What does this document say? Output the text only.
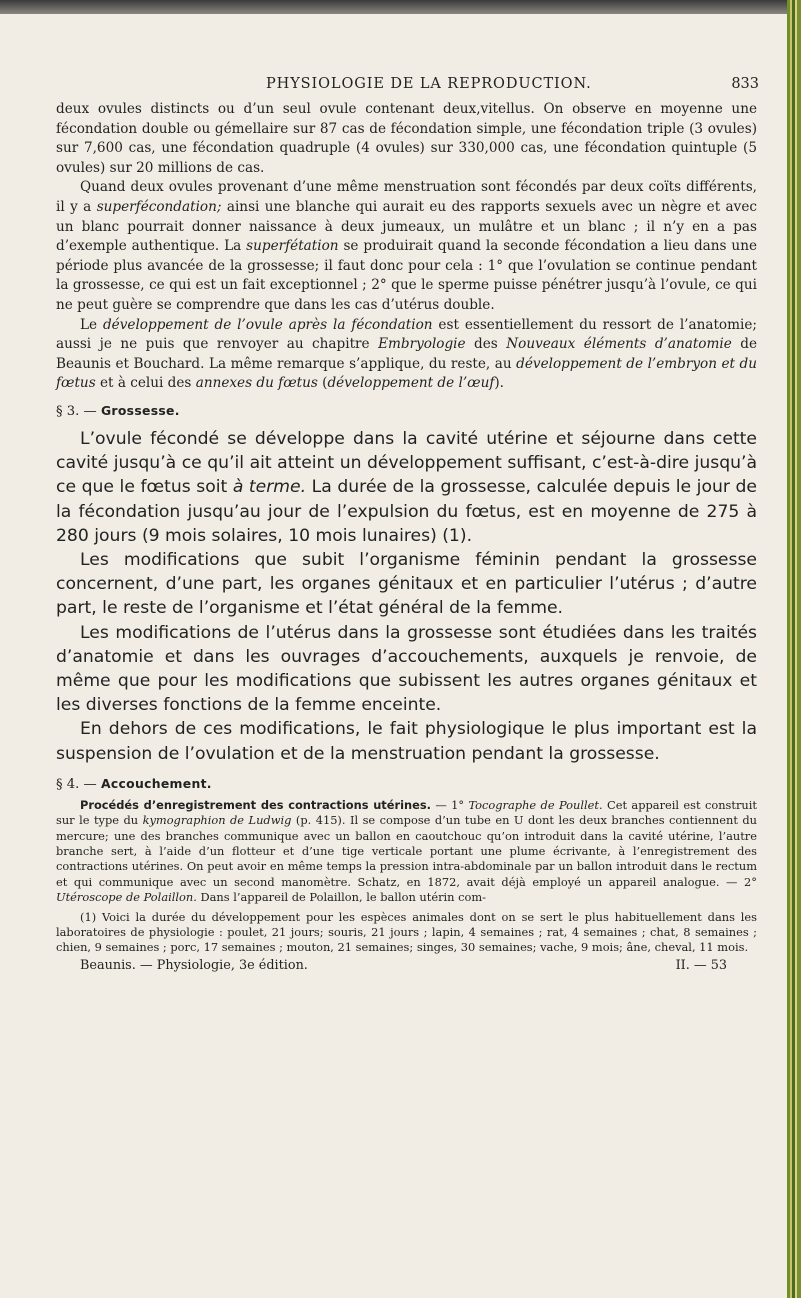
PHYSIOLOGIE DE LA REPRODUCTION.	833

deux ovules distincts ou d’un seul ovule contenant deux,vitellus. On observe en moyenne une fécondation double ou gémellaire sur 87 cas de fécondation simple, une fécondation triple (3 ovules) sur 7,600 cas, une fécondation quadruple (4 ovules) sur 330,000 cas, une fécondation quintuple (5 ovules) sur 20 millions de cas.

Quand deux ovules provenant d’une même menstruation sont fécondés par deux coïts différents, il y a superfécondation; ainsi une blanche qui aurait eu des rapports sexuels avec un nègre et avec un blanc pourrait donner naissance à deux jumeaux, un mulâtre et un blanc ; il n’y en a pas d’exemple authentique. La superfétation se produirait quand la seconde fécondation a lieu dans une période plus avancée de la grossesse; il faut donc pour cela : 1° que l’ovulation se continue pendant la grossesse, ce qui est un fait exceptionnel ; 2° que le sperme puisse pénétrer jusqu’à l’ovule, ce qui ne peut guère se comprendre que dans les cas d’utérus double.

Le développement de l’ovule après la fécondation est essentiellement du ressort de l’anatomie; aussi je ne puis que renvoyer au chapitre Embryologie des Nouveaux éléments d’anatomie de Beaunis et Bouchard. La même remarque s’applique, du reste, au développement de l’embryon et du fœtus et à celui des annexes du fœtus (développement de l’œuf).

§ 3. — Grossesse.

L’ovule fécondé se développe dans la cavité utérine et séjourne dans cette cavité jusqu’à ce qu’il ait atteint un développement suffisant, c’est-à-dire jusqu’à ce que le fœtus soit à terme. La durée de la grossesse, calculée depuis le jour de la fécondation jusqu’au jour de l’expulsion du fœtus, est en moyenne de 275 à 280 jours (9 mois solaires, 10 mois lunaires) (1).

Les modifications que subit l’organisme féminin pendant la grossesse concernent, d’une part, les organes génitaux et en particulier l’utérus ; d’autre part, le reste de l’organisme et l’état général de la femme.

Les modifications de l’utérus dans la grossesse sont étudiées dans les traités d’anatomie et dans les ouvrages d’accouchements, auxquels je renvoie, de même que pour les modifications que subissent les autres organes génitaux et les diverses fonctions de la femme enceinte.

En dehors de ces modifications, le fait physiologique le plus important est la suspension de l’ovulation et de la menstruation pendant la grossesse.

§ 4. — Accouchement.

Procédés d’enregistrement des contractions utérines. — 1° Tocographe de Poullet. Cet appareil est construit sur le type du kymographion de Ludwig (p. 415). Il se compose d’un tube en U dont les deux branches contiennent du mercure; une des branches communique avec un ballon en caoutchouc qu’on introduit dans la cavité utérine, l’autre branche sert, à l’aide d’un flotteur et d’une tige verticale portant une plume écrivante, à l’enregistrement des contractions utérines. On peut avoir en même temps la pression intra-abdominale par un ballon introduit dans le rectum et qui communique avec un second manomètre. Schatz, en 1872, avait déjà employé un appareil analogue. — 2° Utéroscope de Polaillon. Dans l’appareil de Polaillon, le ballon utérin com-

(1) Voici la durée du développement pour les espèces animales dont on se sert le plus habituellement dans les laboratoires de physiologie : poulet, 21 jours; souris, 21 jours ; lapin, 4 semaines ; rat, 4 semaines ; chat, 8 semaines ; chien, 9 semaines ; porc, 17 semaines ; mouton, 21 semaines; singes, 30 semaines; vache, 9 mois; âne, cheval, 11 mois.

Beaunis. — Physiologie, 3e édition.	II. — 53
